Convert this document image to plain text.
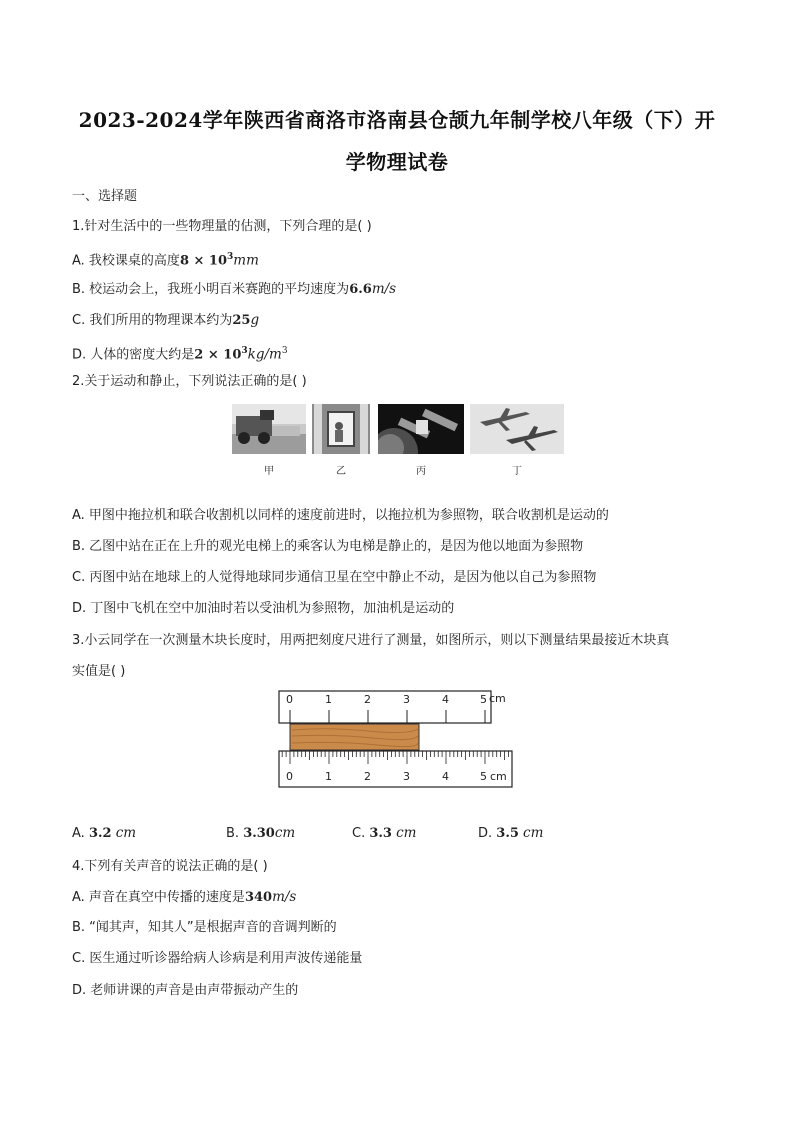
2023-2024学年陕西省商洛市洛南县仓颉九年制学校八年级（下）开
学物理试卷
一、选择题
1.针对生活中的一些物理量的估测，下列合理的是( )
A. 我校课桌的高度$8 \times 10^3mm$
B. 校运动会上，我班小明百米赛跑的平均速度为6.6m/s
C. 我们所用的物理课本约为25g
D. 人体的密度大约是$2 \times 10^3kg/m^3$
2.关于运动和静止，下列说法正确的是( )
甲	乙	丙	丁
A. 甲图中拖拉机和联合收割机以同样的速度前进时，以拖拉机为参照物，联合收割机是运动的
B. 乙图中站在正在上升的观光电梯上的乘客认为电梯是静止的，是因为他以地面为参照物
C. 丙图中站在地球上的人觉得地球同步通信卫星在空中静止不动，是因为他以自己为参照物
D. 丁图中飞机在空中加油时若以受油机为参照物，加油机是运动的
3.小云同学在一次测量木块长度时，用两把刻度尺进行了测量，如图所示，则以下测量结果最接近木块真
实值是( )
0	1	2	3	4	5 cm
0	1	2	3	4	5 cm
A. 3.2 cm	B. 3.30cm	C. 3.3 cm	D. 3.5 cm
4.下列有关声音的说法正确的是( )
A. 声音在真空中传播的速度是340m/s
B. “闻其声，知其人”是根据声音的音调判断的
C. 医生通过听诊器给病人诊病是利用声波传递能量
D. 老师讲课的声音是由声带振动产生的
